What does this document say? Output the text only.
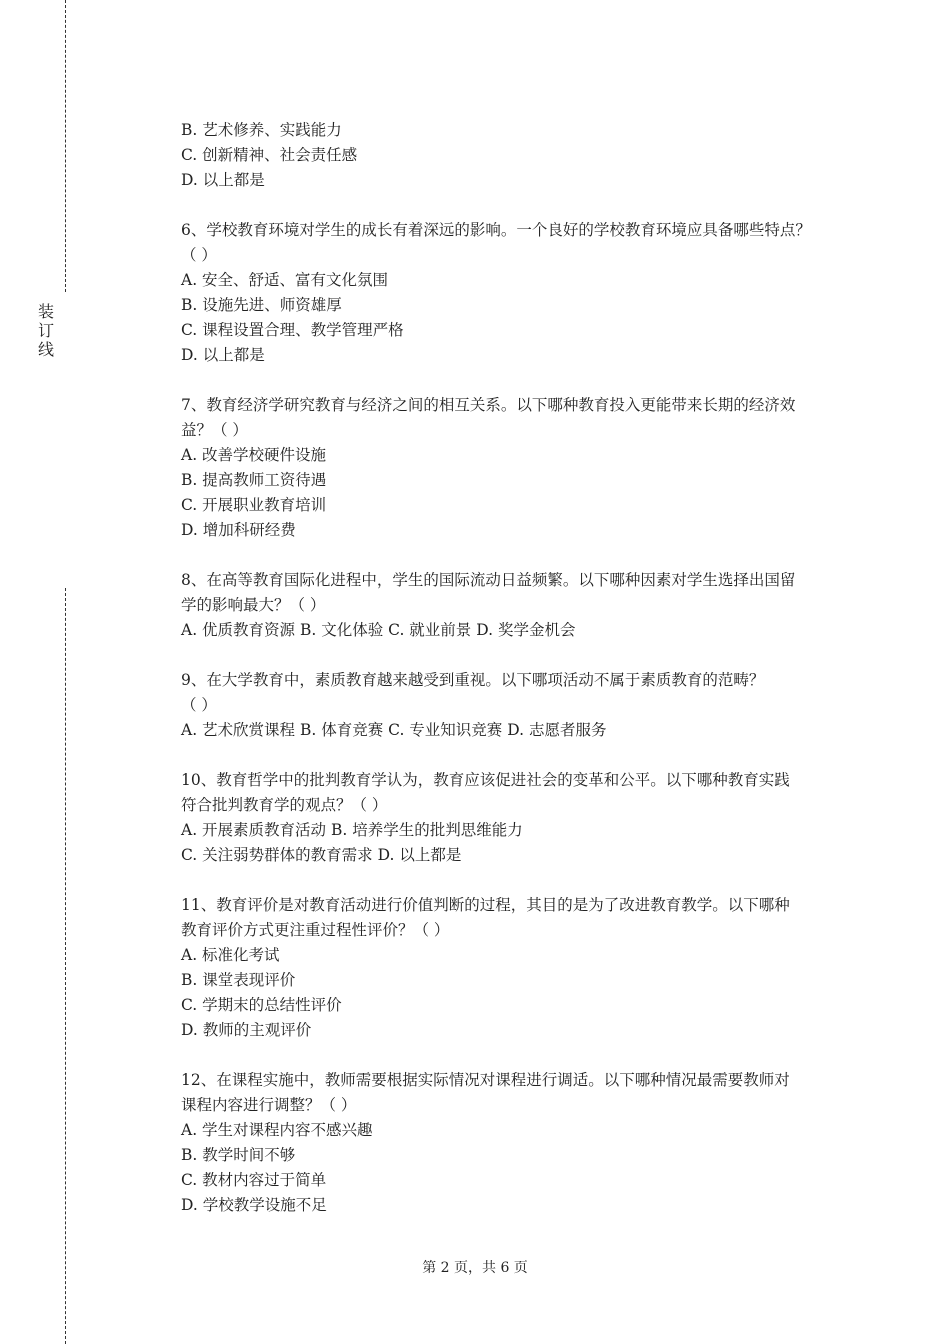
装
订
线
B. 艺术修养、实践能力
C. 创新精神、社会责任感
D. 以上都是
6、学校教育环境对学生的成长有着深远的影响。一个良好的学校教育环境应具备哪些特点？
（ ）
A. 安全、舒适、富有文化氛围
B. 设施先进、师资雄厚
C. 课程设置合理、教学管理严格
D. 以上都是
7、教育经济学研究教育与经济之间的相互关系。以下哪种教育投入更能带来长期的经济效
益？（ ）
A. 改善学校硬件设施
B. 提高教师工资待遇
C. 开展职业教育培训
D. 增加科研经费
8、在高等教育国际化进程中，学生的国际流动日益频繁。以下哪种因素对学生选择出国留
学的影响最大？（ ）
A. 优质教育资源 B. 文化体验 C. 就业前景 D. 奖学金机会
9、在大学教育中，素质教育越来越受到重视。以下哪项活动不属于素质教育的范畴？
（ ）
A. 艺术欣赏课程 B. 体育竞赛 C. 专业知识竞赛 D. 志愿者服务
10、教育哲学中的批判教育学认为，教育应该促进社会的变革和公平。以下哪种教育实践
符合批判教育学的观点？（ ）
A. 开展素质教育活动 B. 培养学生的批判思维能力
C. 关注弱势群体的教育需求 D. 以上都是
11、教育评价是对教育活动进行价值判断的过程，其目的是为了改进教育教学。以下哪种
教育评价方式更注重过程性评价？（ ）
A. 标准化考试
B. 课堂表现评价
C. 学期末的总结性评价
D. 教师的主观评价
12、在课程实施中，教师需要根据实际情况对课程进行调适。以下哪种情况最需要教师对
课程内容进行调整？（ ）
A. 学生对课程内容不感兴趣
B. 教学时间不够
C. 教材内容过于简单
D. 学校教学设施不足
第 2 页，共 6 页
